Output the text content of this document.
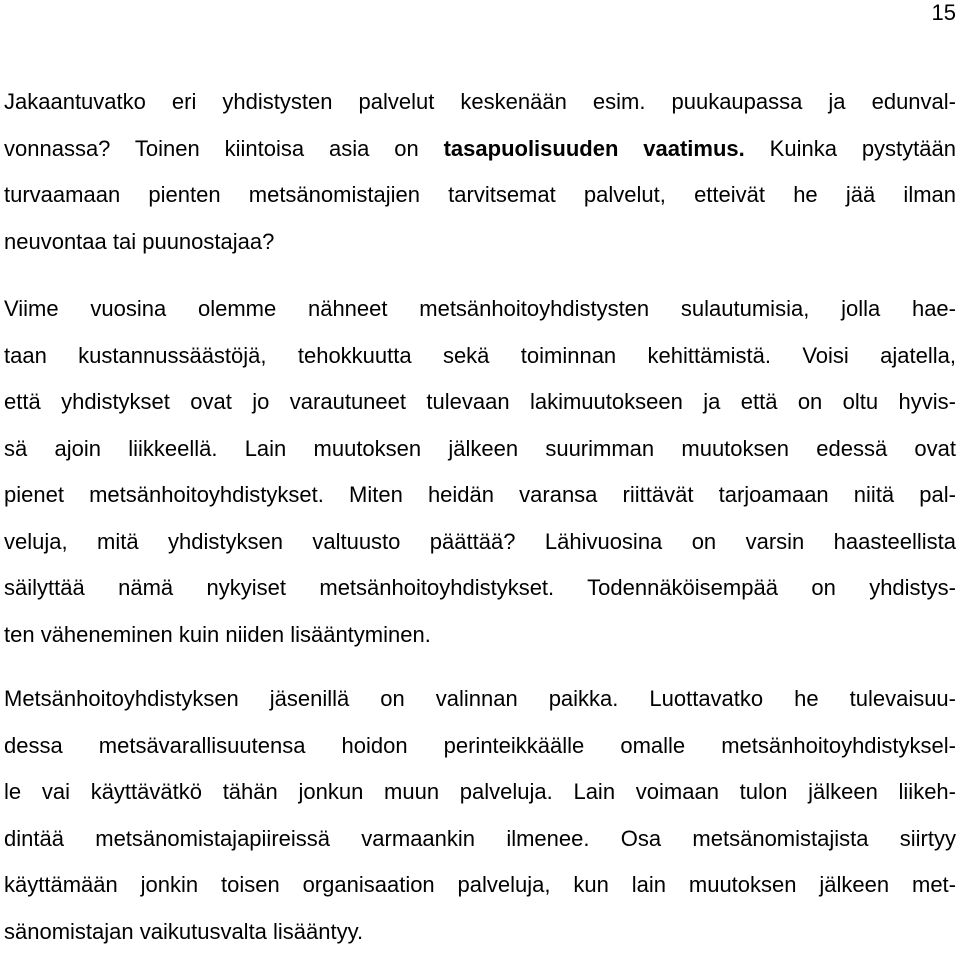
15
Jakaantuvatko eri yhdistysten palvelut keskenään esim. puukaupassa ja edunval-
vonnassa? Toinen kiintoisa asia on tasapuolisuuden vaatimus. Kuinka pystytään
turvaamaan pienten metsänomistajien tarvitsemat palvelut, etteivät he jää ilman
neuvontaa tai puunostajaa?
Viime vuosina olemme nähneet metsänhoitoyhdistysten sulautumisia, jolla hae-
taan kustannussäästöjä, tehokkuutta sekä toiminnan kehittämistä. Voisi ajatella,
että yhdistykset ovat jo varautuneet tulevaan lakimuutokseen ja että on oltu hyvis-
sä ajoin liikkeellä. Lain muutoksen jälkeen suurimman muutoksen edessä ovat
pienet metsänhoitoyhdistykset. Miten heidän varansa riittävät tarjoamaan niitä pal-
veluja, mitä yhdistyksen valtuusto päättää? Lähivuosina on varsin haasteellista
säilyttää nämä nykyiset metsänhoitoyhdistykset. Todennäköisempää on yhdistys-
ten väheneminen kuin niiden lisääntyminen.
Metsänhoitoyhdistyksen jäsenillä on valinnan paikka. Luottavatko he tulevaisuu-
dessa metsävarallisuutensa hoidon perinteikkäälle omalle metsänhoitoyhdistyksel-
le vai käyttävätkö tähän jonkun muun palveluja. Lain voimaan tulon jälkeen liikeh-
dintää metsänomistajapiireissä varmaankin ilmenee. Osa metsänomistajista siirtyy
käyttämään jonkin toisen organisaation palveluja, kun lain muutoksen jälkeen met-
sänomistajan vaikutusvalta lisääntyy.
